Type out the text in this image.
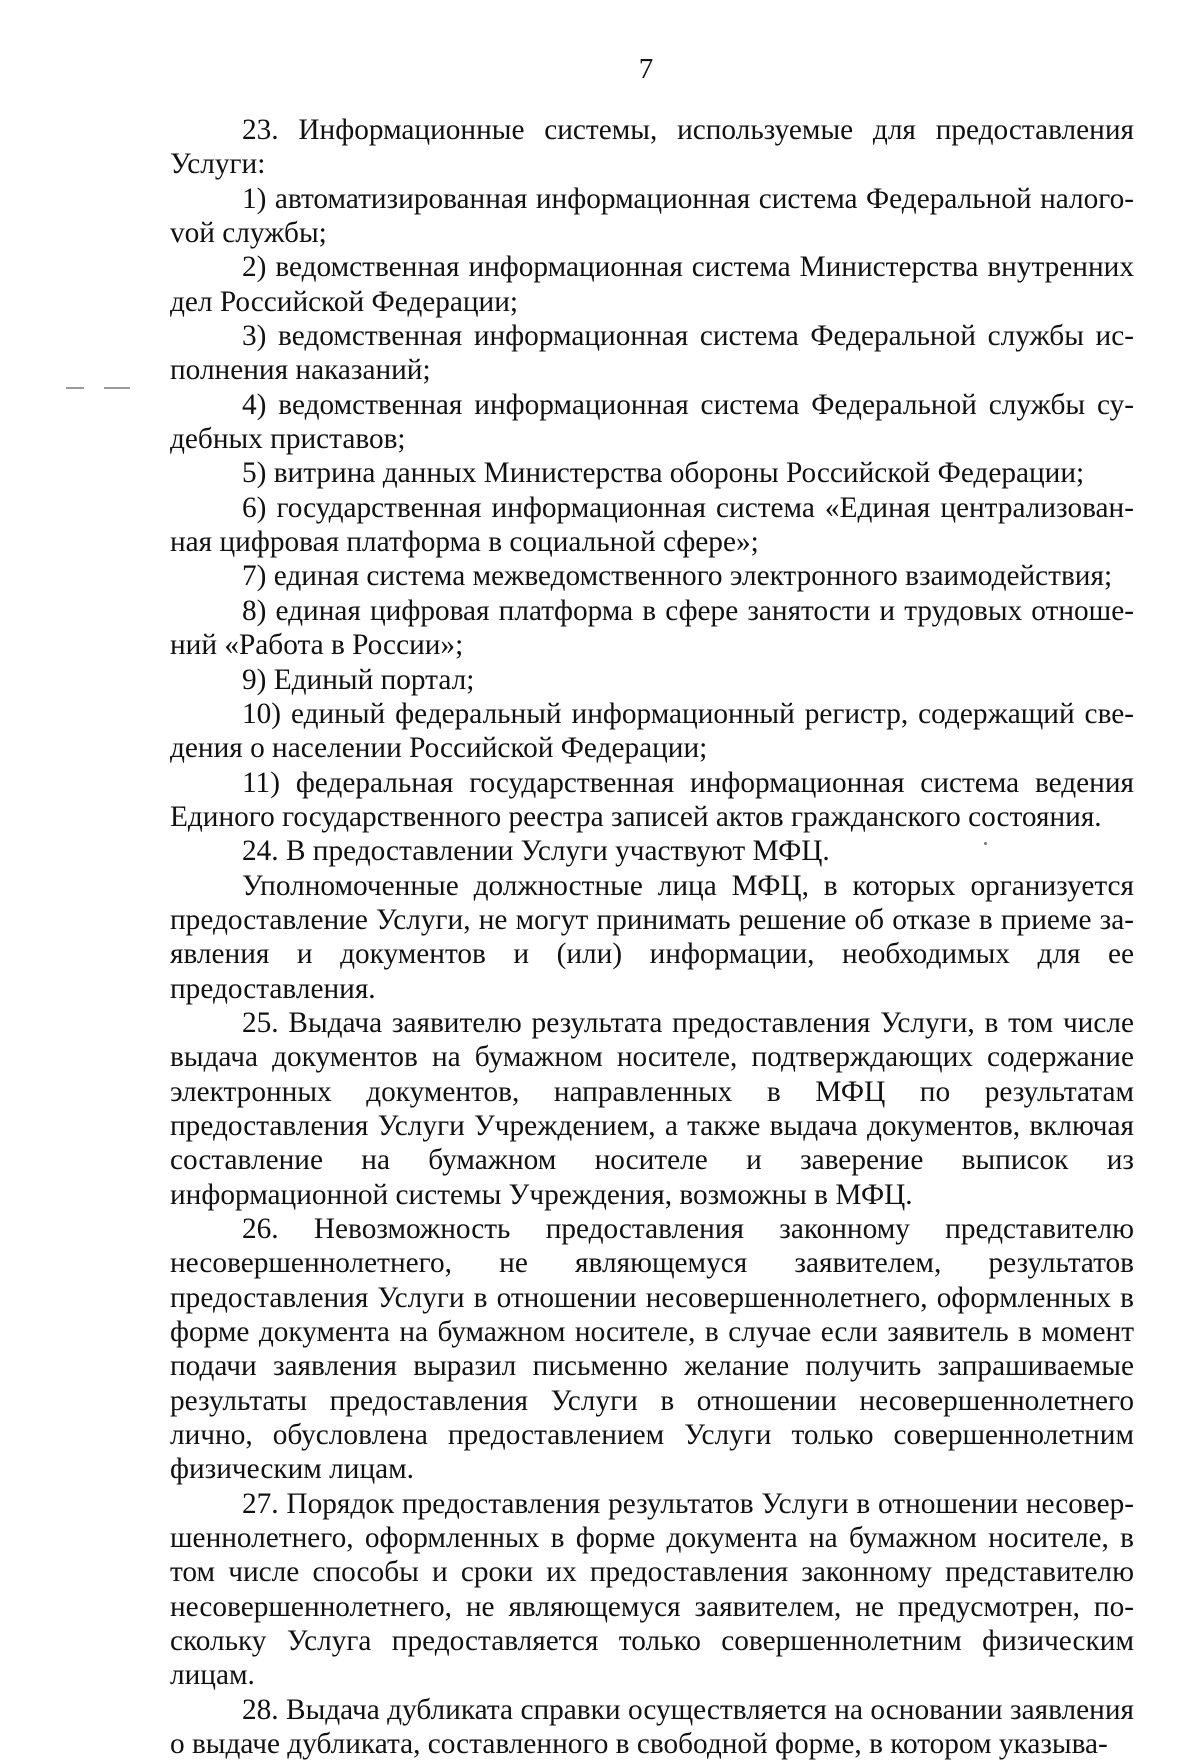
7

23. Информационные системы, используемые для предоставления Услуги:

1) автоматизированная информационная система Федеральной налогоvой службы;

2) ведомственная информационная система Министерства внутренних дел Российской Федерации;

3) ведомственная информационная система Федеральной службы исполнения наказаний;

4) ведомственная информационная система Федеральной службы судебных приставов;

5) витрина данных Министерства обороны Российской Федерации;

6) государственная информационная система «Единая централизованная цифровая платформа в социальной сфере»;

7) единая система межведомственного электронного взаимодействия;

8) единая цифровая платформа в сфере занятости и трудовых отношений «Работа в России»;

9) Единый портал;

10) единый федеральный информационный регистр, содержащий сведения о населении Российской Федерации;

11) федеральная государственная информационная система ведения Единого государственного реестра записей актов гражданского состояния.

24. В предоставлении Услуги участвуют МФЦ.

Уполномоченные должностные лица МФЦ, в которых организуется предоставление Услуги, не могут принимать решение об отказе в приеме заявления и документов и (или) информации, необходимых для ее предоставления.

25. Выдача заявителю результата предоставления Услуги, в том числе выдача документов на бумажном носителе, подтверждающих содержание электронных документов, направленных в МФЦ по результатам предоставления Услуги Учреждением, а также выдача документов, включая составление на бумажном носителе и заверение выписок из информационной системы Учреждения, возможны в МФЦ.

26. Невозможность предоставления законному представителю несовершеннолетнего, не являющемуся заявителем, результатов предоставления Услуги в отношении несовершеннолетнего, оформленных в форме документа на бумажном носителе, в случае если заявитель в момент подачи заявления выразил письменно желание получить запрашиваемые результаты предоставления Услуги в отношении несовершеннолетнего лично, обусловлена предоставлением Услуги только совершеннолетним физическим лицам.

27. Порядок предоставления результатов Услуги в отношении несовершеннолетнего, оформленных в форме документа на бумажном носителе, в том числе способы и сроки их предоставления законному представителю несовершеннолетнего, не являющемуся заявителем, не предусмотрен, поскольку Услуга предоставляется только совершеннолетним физическим лицам.

28. Выдача дубликата справки осуществляется на основании заявления о выдаче дубликата, составленного в свободной форме, в котором указыва-
